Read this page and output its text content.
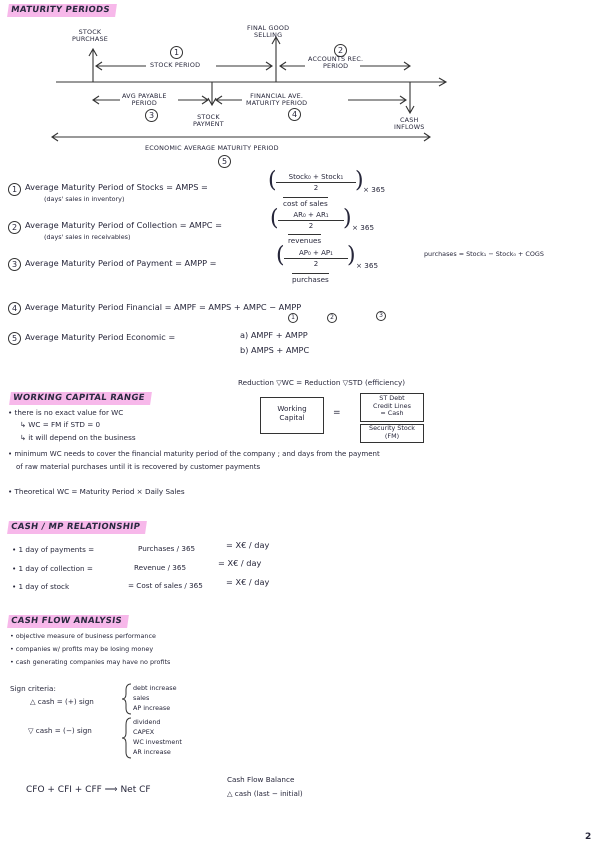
MATURITY PERIODS
STOCK
PURCHASE
FINAL GOOD
SELLING
1
STOCK PERIOD
2
ACCOUNTS REC.
PERIOD
AVG PAYABLE
PERIOD
3	STOCK
PAYMENT
FINANCIAL AVE.
MATURITY PERIOD
4
CASH
INFLOWS
ECONOMIC AVERAGE MATURITY PERIOD
5
1 Average Maturity Period of Stocks = AMPS =
(days' sales in inventory)
(	Stock₀ + Stock₁
2	)
cost of sales
× 365
2 Average Maturity Period of Collection = AMPC =
(days' sales in receivables)
( $\frac{\text{AR₀ + AR₁}}{2}$ )
revenues
× 365
3 Average Maturity Period of Payment = AMPP =	( $\frac{\text{AP₀ + AP₁}}{2}$ )
purchases
× 365
purchases = Stock₁ − Stock₀ + COGS
4 Average Maturity Period Financial = AMPF = AMPS + AMPC − AMPP
1	2	3
5 Average Maturity Period Economic =	a) AMPF + AMPP
b) AMPS + AMPC
Reduction ▽WC = Reduction ▽STD (efficiency)
WORKING CAPITAL RANGE
Working
Capital	=
ST Debt
Credit Lines
= Cash
Security Stock
(FM)
• there is no exact value for WC
↳ WC = FM if STD = 0
↳ it will depend on the business
• minimum WC needs to cover the financial maturity period of the company ; and days from the payment
of raw material purchases until it is recovered by customer payments
• Theoretical WC = Maturity Period × Daily Sales
CASH / MP RELATIONSHIP
• 1 day of payments =	Purchases / 365	= X€ / day
• 1 day of collection =	Revenue / 365	= X€ / day
• 1 day of stock	= Cost of sales / 365	= X€ / day
CASH FLOW ANALYSIS
• objective measure of business performance
• companies w/ profits may be losing money
• cash generating companies may have no profits
Sign criteria:
△ cash = (+) sign
debt increase
sales
AP increase
▽ cash = (−) sign
dividend
CAPEX
WC investment
AR increase
CFO + CFI + CFF ⟹ Net CF
Cash Flow Balance
△ cash (last − initial)
2
